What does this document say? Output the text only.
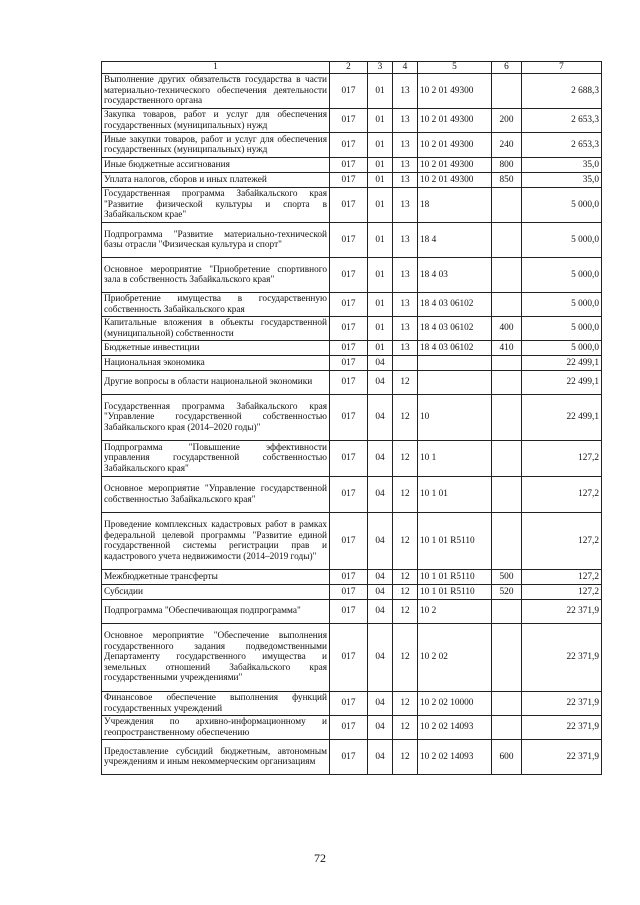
1	2	3	4	5	6	7
Выполнение других обязательств государства в части материально-технического обеспечения деятельности государственного органа	017	01	13	10 2 01 49300		2 688,3
Закупка товаров, работ и услуг для обеспечения государственных (муниципальных) нужд	017	01	13	10 2 01 49300	200	2 653,3
Иные закупки товаров, работ и услуг для обеспечения государственных (муниципальных) нужд	017	01	13	10 2 01 49300	240	2 653,3
Иные бюджетные ассигнования	017	01	13	10 2 01 49300	800	35,0
Уплата налогов, сборов и иных платежей	017	01	13	10 2 01 49300	850	35,0
Государственная программа Забайкальского края "Развитие физической культуры и спорта в Забайкальском крае"	017	01	13	18		5 000,0
Подпрограмма "Развитие материально-технической базы отрасли "Физическая культура и спорт"	017	01	13	18 4		5 000,0
Основное мероприятие "Приобретение спортивного зала в собственность Забайкальского края"	017	01	13	18 4 03		5 000,0
Приобретение имущества в государственную собственность Забайкальского края	017	01	13	18 4 03 06102		5 000,0
Капитальные вложения в объекты государственной (муниципальной) собственности	017	01	13	18 4 03 06102	400	5 000,0
Бюджетные инвестиции	017	01	13	18 4 03 06102	410	5 000,0
Национальная экономика	017	04				22 499,1
Другие вопросы в области национальной экономики	017	04	12			22 499,1
Государственная программа Забайкальского края "Управление государственной собственностью Забайкальского края (2014–2020 годы)"	017	04	12	10		22 499,1
Подпрограмма "Повышение эффективности управления государственной собственностью Забайкальского края"	017	04	12	10 1		127,2
Основное мероприятие "Управление государственной собственностью Забайкальского края"	017	04	12	10 1 01		127,2
Проведение комплексных кадастровых работ в рамках федеральной целевой программы "Развитие единой государственной системы регистрации прав и кадастрового учета недвижимости (2014–2019 годы)"	017	04	12	10 1 01 R5110		127,2
Межбюджетные трансферты	017	04	12	10 1 01 R5110	500	127,2
Субсидии	017	04	12	10 1 01 R5110	520	127,2
Подпрограмма "Обеспечивающая подпрограмма"	017	04	12	10 2		22 371,9
Основное мероприятие "Обеспечение выполнения государственного задания подведомственными Департаменту государственного имущества и земельных отношений Забайкальского края государственными учреждениями"	017	04	12	10 2 02		22 371,9
Финансовое обеспечение выполнения функций государственных учреждений	017	04	12	10 2 02 10000		22 371,9
Учреждения по архивно-информационному и геопространственному обеспечению	017	04	12	10 2 02 14093		22 371,9
Предоставление субсидий бюджетным, автономным учреждениям и иным некоммерческим организациям	017	04	12	10 2 02 14093	600	22 371,9
72
